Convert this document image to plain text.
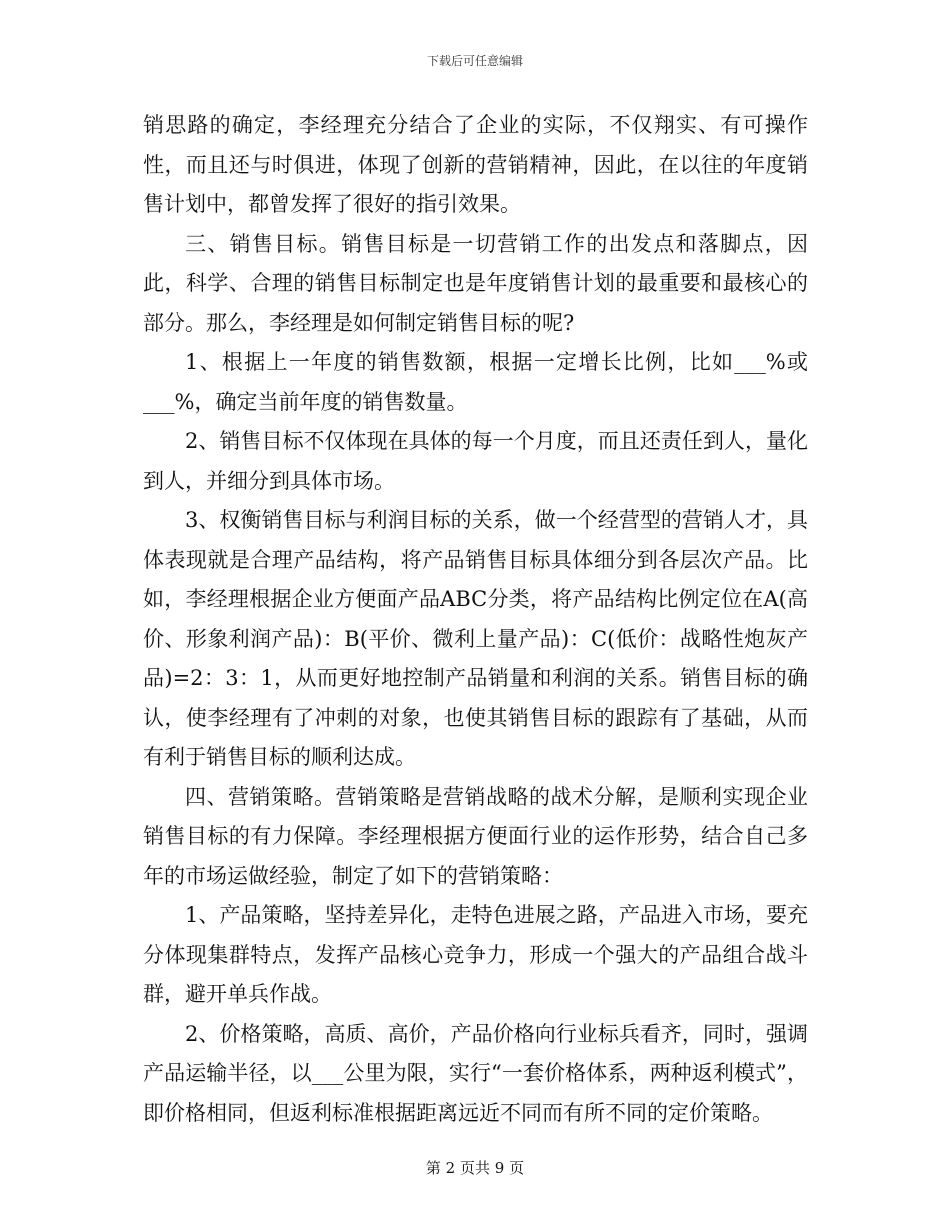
下载后可任意编辑

销思路的确定，李经理充分结合了企业的实际，不仅翔实、有可操作性，而且还与时俱进，体现了创新的营销精神，因此，在以往的年度销售计划中，都曾发挥了很好的指引效果。

三、销售目标。销售目标是一切营销工作的出发点和落脚点，因此，科学、合理的销售目标制定也是年度销售计划的最重要和最核心的部分。那么，李经理是如何制定销售目标的呢?

1、根据上一年度的销售数额，根据一定增长比例，比如___%或___%，确定当前年度的销售数量。

2、销售目标不仅体现在具体的每一个月度，而且还责任到人，量化到人，并细分到具体市场。

3、权衡销售目标与利润目标的关系，做一个经营型的营销人才，具体表现就是合理产品结构，将产品销售目标具体细分到各层次产品。比如，李经理根据企业方便面产品ABC分类，将产品结构比例定位在A(高价、形象利润产品)：B(平价、微利上量产品)：C(低价：战略性炮灰产品)=2：3：1，从而更好地控制产品销量和利润的关系。销售目标的确认，使李经理有了冲刺的对象，也使其销售目标的跟踪有了基础，从而有利于销售目标的顺利达成。

四、营销策略。营销策略是营销战略的战术分解，是顺利实现企业销售目标的有力保障。李经理根据方便面行业的运作形势，结合自己多年的市场运做经验，制定了如下的营销策略：

1、产品策略，坚持差异化，走特色进展之路，产品进入市场，要充分体现集群特点，发挥产品核心竞争力，形成一个强大的产品组合战斗群，避开单兵作战。

2、价格策略，高质、高价，产品价格向行业标兵看齐，同时，强调产品运输半径，以___公里为限，实行“一套价格体系，两种返利模式”，即价格相同，但返利标准根据距离远近不同而有所不同的定价策略。

第 2 页共 9 页
